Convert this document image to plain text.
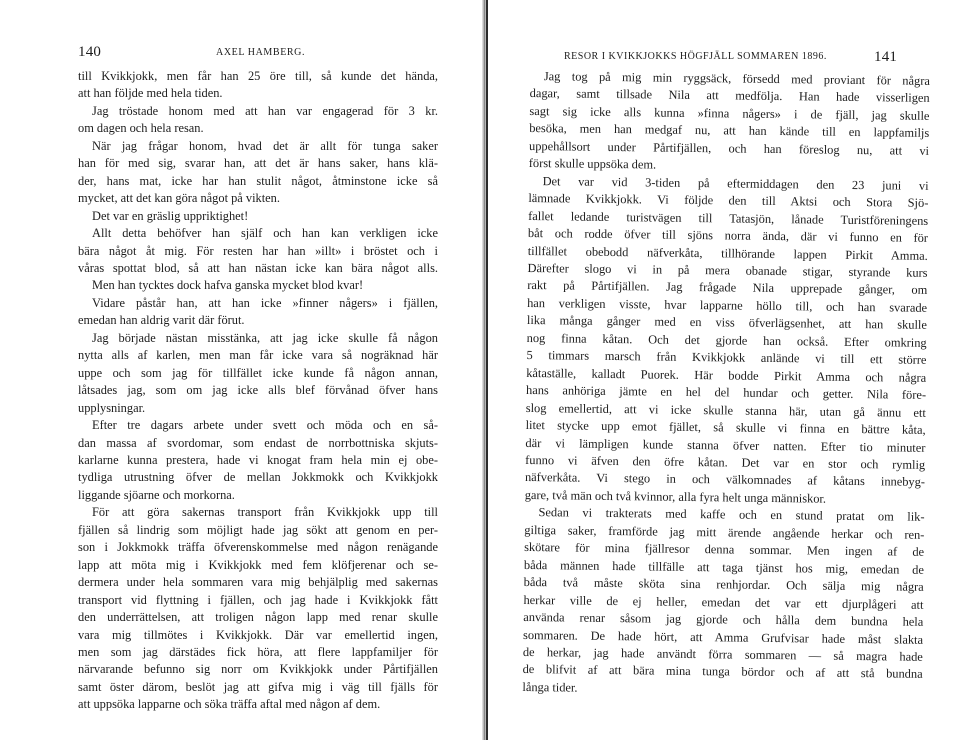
140	AXEL HAMBERG.
till Kvikkjokk, men får han 25 öre till, så kunde det hända,
att han följde med hela tiden.
Jag tröstade honom med att han var engagerad för 3 kr.
om dagen och hela resan.
När jag frågar honom, hvad det är allt för tunga saker
han för med sig, svarar han, att det är hans saker, hans klä-
der, hans mat, icke har han stulit något, åtminstone icke så
mycket, att det kan göra något på vikten.
Det var en gräslig uppriktighet!
Allt detta behöfver han själf och han kan verkligen icke
bära något åt mig. För resten har han »illt» i bröstet och i
våras spottat blod, så att han nästan icke kan bära något alls.
Men han tycktes dock hafva ganska mycket blod kvar!
Vidare påstår han, att han icke »finner någers» i fjällen,
emedan han aldrig varit där förut.
Jag började nästan misstänka, att jag icke skulle få någon
nytta alls af karlen, men man får icke vara så nogräknad här
uppe och som jag för tillfället icke kunde få någon annan,
låtsades jag, som om jag icke alls blef förvånad öfver hans
upplysningar.
Efter tre dagars arbete under svett och möda och en så-
dan massa af svordomar, som endast de norrbottniska skjuts-
karlarne kunna prestera, hade vi knogat fram hela min ej obe-
tydliga utrustning öfver de mellan Jokkmokk och Kvikkjokk
liggande sjöarne och morkorna.
För att göra sakernas transport från Kvikkjokk upp till
fjällen så lindrig som möjligt hade jag sökt att genom en per-
son i Jokkmokk träffa öfverenskommelse med någon renägande
lapp att möta mig i Kvikkjokk med fem klöfjerenar och se-
dermera under hela sommaren vara mig behjälplig med sakernas
transport vid flyttning i fjällen, och jag hade i Kvikkjokk fått
den underrättelsen, att troligen någon lapp med renar skulle
vara mig tillmötes i Kvikkjokk. Där var emellertid ingen,
men som jag därstädes fick höra, att flere lappfamiljer för
närvarande befunno sig norr om Kvikkjokk under Pårtifjällen
samt öster därom, beslöt jag att gifva mig i väg till fjälls för
att uppsöka lapparne och söka träffa aftal med någon af dem.
RESOR I KVIKKJOKKS HÖGFJÄLL SOMMAREN 1896.	141
Jag tog på mig min ryggsäck, försedd med proviant för några
dagar, samt tillsade Nila att medfölja. Han hade visserligen
sagt sig icke alls kunna »finna någers» i de fjäll, jag skulle
besöka, men han medgaf nu, att han kände till en lappfamiljs
uppehållsort under Pårtifjällen, och han föreslog nu, att vi
först skulle uppsöka dem.
Det var vid 3-tiden på eftermiddagen den 23 juni vi
lämnade Kvikkjokk. Vi följde den till Aktsi och Stora Sjö-
fallet ledande turistvägen till Tatasjön, lånade Turistföreningens
båt och rodde öfver till sjöns norra ända, där vi funno en för
tillfället obebodd näfverkåta, tillhörande lappen Pirkit Amma.
Därefter slogo vi in på mera obanade stigar, styrande kurs
rakt på Pårtifjällen. Jag frågade Nila upprepade gånger, om
han verkligen visste, hvar lapparne höllo till, och han svarade
lika många gånger med en viss öfverlägsenhet, att han skulle
nog finna kåtan. Och det gjorde han också. Efter omkring
5 timmars marsch från Kvikkjokk anlände vi till ett större
kåtaställe, kalladt Puorek. Här bodde Pirkit Amma och några
hans anhöriga jämte en hel del hundar och getter. Nila före-
slog emellertid, att vi icke skulle stanna här, utan gå ännu ett
litet stycke upp emot fjället, så skulle vi finna en bättre kåta,
där vi lämpligen kunde stanna öfver natten. Efter tio minuter
funno vi äfven den öfre kåtan. Det var en stor och rymlig
näfverkåta. Vi stego in och välkomnades af kåtans innebyg-
gare, två män och två kvinnor, alla fyra helt unga människor.
Sedan vi trakterats med kaffe och en stund pratat om lik-
giltiga saker, framförde jag mitt ärende angående herkar och ren-
skötare för mina fjällresor denna sommar. Men ingen af de
båda männen hade tillfälle att taga tjänst hos mig, emedan de
båda två måste sköta sina renhjordar. Och sälja mig några
herkar ville de ej heller, emedan det var ett djurplågeri att
använda renar såsom jag gjorde och hålla dem bundna hela
sommaren. De hade hört, att Amma Grufvisar hade måst slakta
de herkar, jag hade användt förra sommaren — så magra hade
de blifvit af att bära mina tunga bördor och af att stå bundna
långa tider.
